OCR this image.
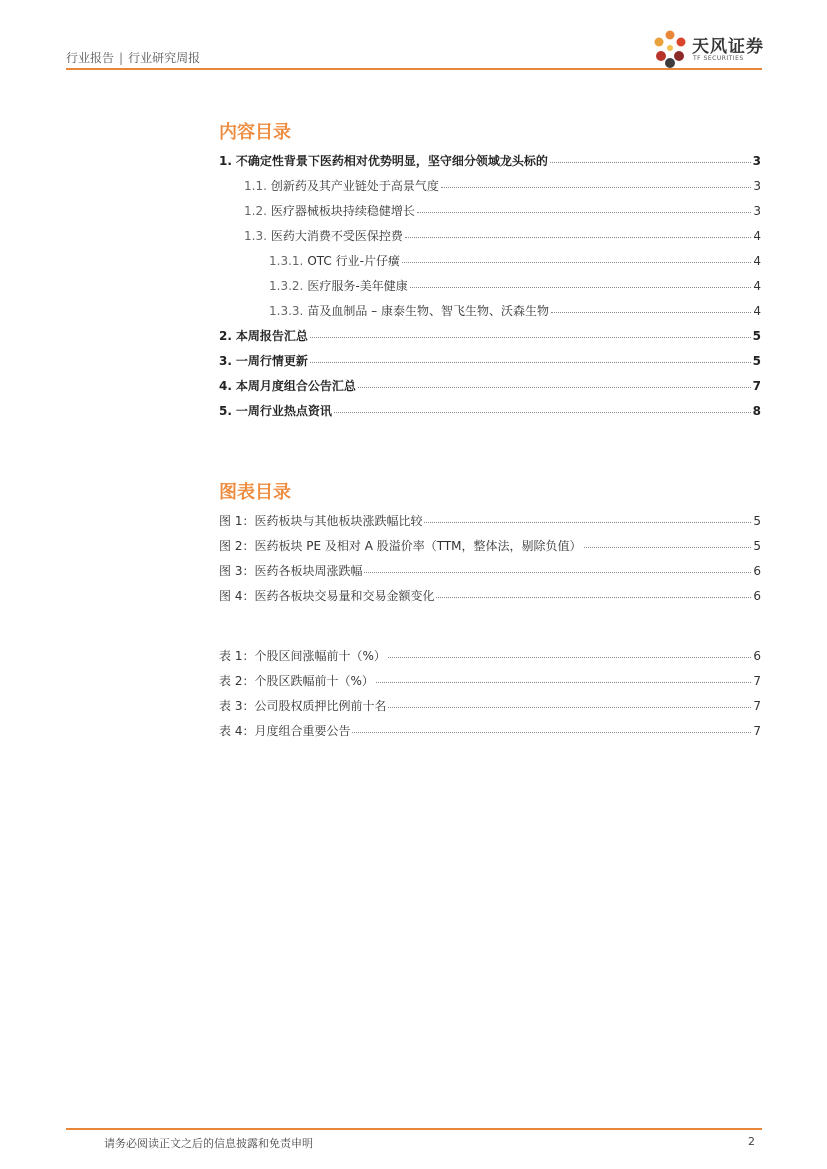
行业报告 | 行业研究周报
天风证券
TF SECURITIES
内容目录
1. 不确定性背景下医药相对优势明显，坚守细分领域龙头标的	3
1.1. 创新药及其产业链处于高景气度	3
1.2. 医疗器械板块持续稳健增长	3
1.3. 医药大消费不受医保控费	4
1.3.1. OTC 行业-片仔癀	4
1.3.2. 医疗服务-美年健康	4
1.3.3. 苗及血制品 – 康泰生物、智飞生物、沃森生物	4
2. 本周报告汇总	5
3. 一周行情更新	5
4. 本周月度组合公告汇总	7
5. 一周行业热点资讯	8
图表目录
图 1：医药板块与其他板块涨跌幅比较	5
图 2：医药板块 PE 及相对 A 股溢价率（TTM，整体法，剔除负值）	5
图 3：医药各板块周涨跌幅	6
图 4：医药各板块交易量和交易金额变化	6
表 1：个股区间涨幅前十（%）	6
表 2：个股区跌幅前十（%）	7
表 3：公司股权质押比例前十名	7
表 4：月度组合重要公告	7
请务必阅读正文之后的信息披露和免责申明	2
